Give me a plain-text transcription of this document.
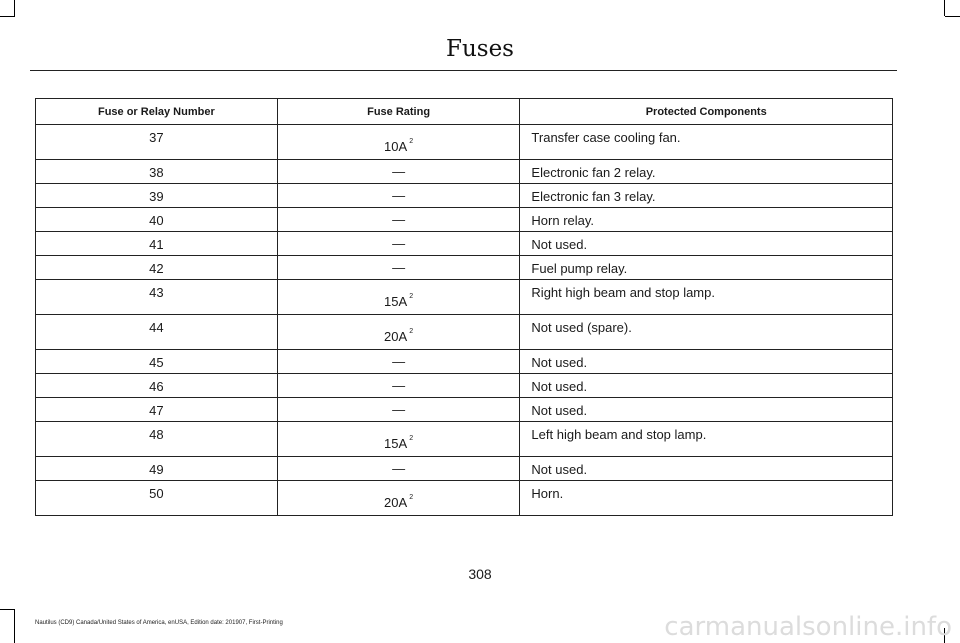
Fuses
Fuse or Relay Number	Fuse Rating	Protected Components
37	10A $^2$	Transfer case cooling fan.
38	—	Electronic fan 2 relay.
39	—	Electronic fan 3 relay.
40	—	Horn relay.
41	—	Not used.
42	—	Fuel pump relay.
43	15A $^2$	Right high beam and stop lamp.
44	20A $^2$	Not used (spare).
45	—	Not used.
46	—	Not used.
47	—	Not used.
48	15A $^2$	Left high beam and stop lamp.
49	—	Not used.
50	20A $^2$	Horn.
308
Nautilus (CD9) Canada/United States of America, enUSA, Edition date: 201907, First-Printing	carmanualsonline.info
